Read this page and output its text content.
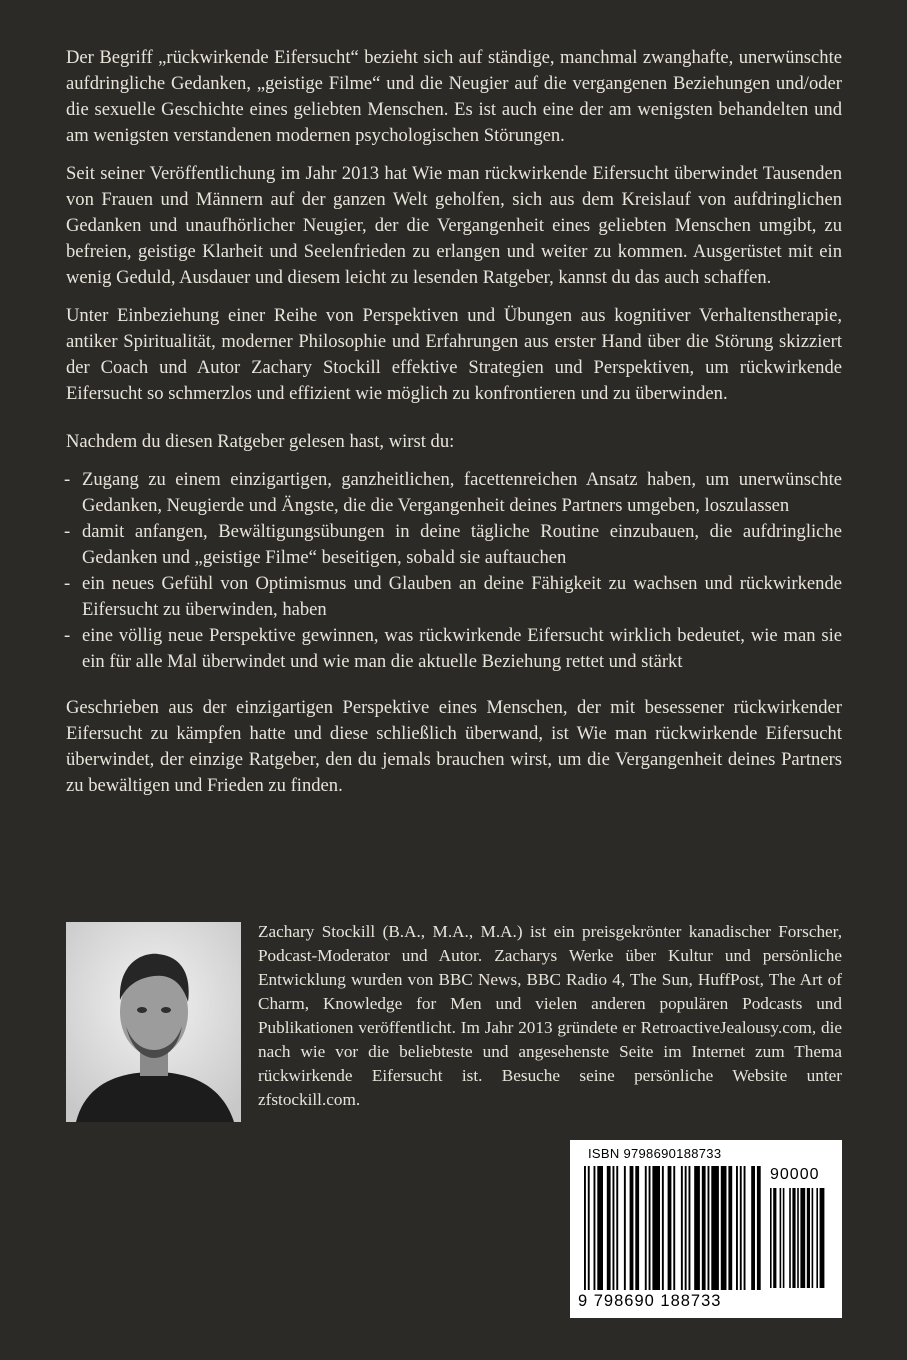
Der Begriff „rückwirkende Eifersucht“ bezieht sich auf ständige, manchmal zwanghafte, unerwünschte aufdringliche Gedanken, „geistige Filme“ und die Neugier auf die vergangenen Beziehungen und/oder die sexuelle Geschichte eines geliebten Menschen. Es ist auch eine der am wenigsten behandelten und am wenigsten verstandenen modernen psychologischen Störungen.

Seit seiner Veröffentlichung im Jahr 2013 hat Wie man rückwirkende Eifersucht überwindet Tausenden von Frauen und Männern auf der ganzen Welt geholfen, sich aus dem Kreislauf von aufdringlichen Gedanken und unaufhörlicher Neugier, der die Vergangenheit eines geliebten Menschen umgibt, zu befreien, geistige Klarheit und Seelenfrieden zu erlangen und weiter zu kommen. Ausgerüstet mit ein wenig Geduld, Ausdauer und diesem leicht zu lesenden Ratgeber, kannst du das auch schaffen.

Unter Einbeziehung einer Reihe von Perspektiven und Übungen aus kognitiver Verhaltenstherapie, antiker Spiritualität, moderner Philosophie und Erfahrungen aus erster Hand über die Störung skizziert der Coach und Autor Zachary Stockill effektive Strategien und Perspektiven, um rückwirkende Eifersucht so schmerzlos und effizient wie möglich zu konfrontieren und zu überwinden.

Nachdem du diesen Ratgeber gelesen hast, wirst du:

- Zugang zu einem einzigartigen, ganzheitlichen, facettenreichen Ansatz haben, um unerwünschte Gedanken, Neugierde und Ängste, die die Vergangenheit deines Partners umgeben, loszulassen
- damit anfangen, Bewältigungsübungen in deine tägliche Routine einzubauen, die aufdringliche Gedanken und „geistige Filme“ beseitigen, sobald sie auftauchen
- ein neues Gefühl von Optimismus und Glauben an deine Fähigkeit zu wachsen und rückwirkende Eifersucht zu überwinden, haben
- eine völlig neue Perspektive gewinnen, was rückwirkende Eifersucht wirklich bedeutet, wie man sie ein für alle Mal überwindet und wie man die aktuelle Beziehung rettet und stärkt

Geschrieben aus der einzigartigen Perspektive eines Menschen, der mit besessener rückwirkender Eifersucht zu kämpfen hatte und diese schließlich überwand, ist Wie man rückwirkende Eifersucht überwindet, der einzige Ratgeber, den du jemals brauchen wirst, um die Vergangenheit deines Partners zu bewältigen und Frieden zu finden.

Zachary Stockill (B.A., M.A., M.A.) ist ein preisgekrönter kanadischer Forscher, Podcast-Moderator und Autor. Zacharys Werke über Kultur und persönliche Entwicklung wurden von BBC News, BBC Radio 4, The Sun, HuffPost, The Art of Charm, Knowledge for Men und vielen anderen populären Podcasts und Publikationen veröffentlicht. Im Jahr 2013 gründete er RetroactiveJealousy.com, die nach wie vor die beliebteste und angesehenste Seite im Internet zum Thema rückwirkende Eifersucht ist. Besuche seine persönliche Website unter zfstockill.com.
ISBN 9798690188733
90000
9 798690 188733
